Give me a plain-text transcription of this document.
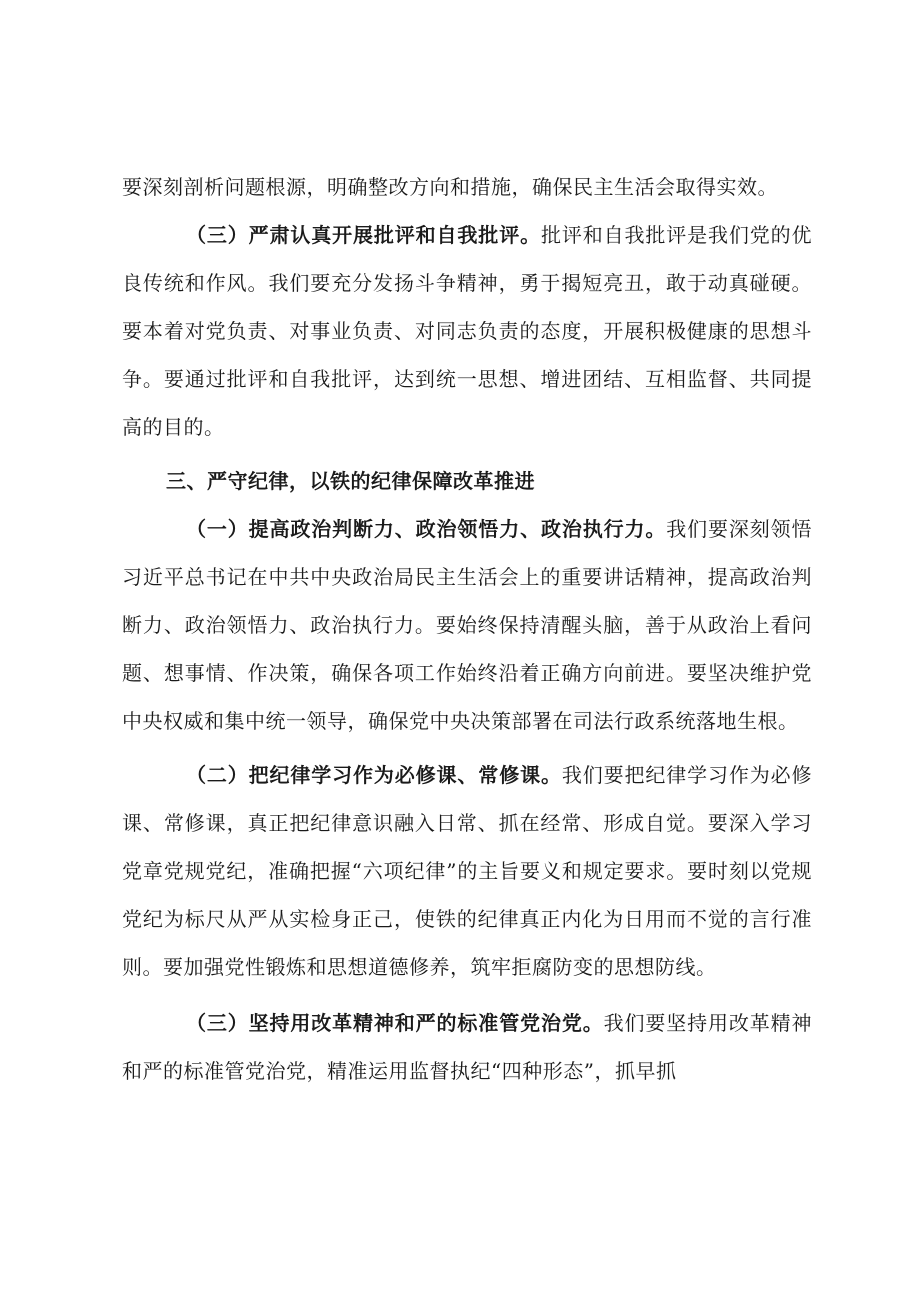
要深刻剖析问题根源，明确整改方向和措施，确保民主生活会取得实效。

（三）严肃认真开展批评和自我批评。批评和自我批评是我们党的优良传统和作风。我们要充分发扬斗争精神，勇于揭短亮丑，敢于动真碰硬。要本着对党负责、对事业负责、对同志负责的态度，开展积极健康的思想斗争。要通过批评和自我批评，达到统一思想、增进团结、互相监督、共同提高的目的。

三、严守纪律，以铁的纪律保障改革推进

（一）提高政治判断力、政治领悟力、政治执行力。我们要深刻领悟习近平总书记在中共中央政治局民主生活会上的重要讲话精神，提高政治判断力、政治领悟力、政治执行力。要始终保持清醒头脑，善于从政治上看问题、想事情、作决策，确保各项工作始终沿着正确方向前进。要坚决维护党中央权威和集中统一领导，确保党中央决策部署在司法行政系统落地生根。

（二）把纪律学习作为必修课、常修课。我们要把纪律学习作为必修课、常修课，真正把纪律意识融入日常、抓在经常、形成自觉。要深入学习党章党规党纪，准确把握“六项纪律”的主旨要义和规定要求。要时刻以党规党纪为标尺从严从实检身正己，使铁的纪律真正内化为日用而不觉的言行准则。要加强党性锻炼和思想道德修养，筑牢拒腐防变的思想防线。

（三）坚持用改革精神和严的标准管党治党。我们要坚持用改革精神和严的标准管党治党，精准运用监督执纪“四种形态”，抓早抓
